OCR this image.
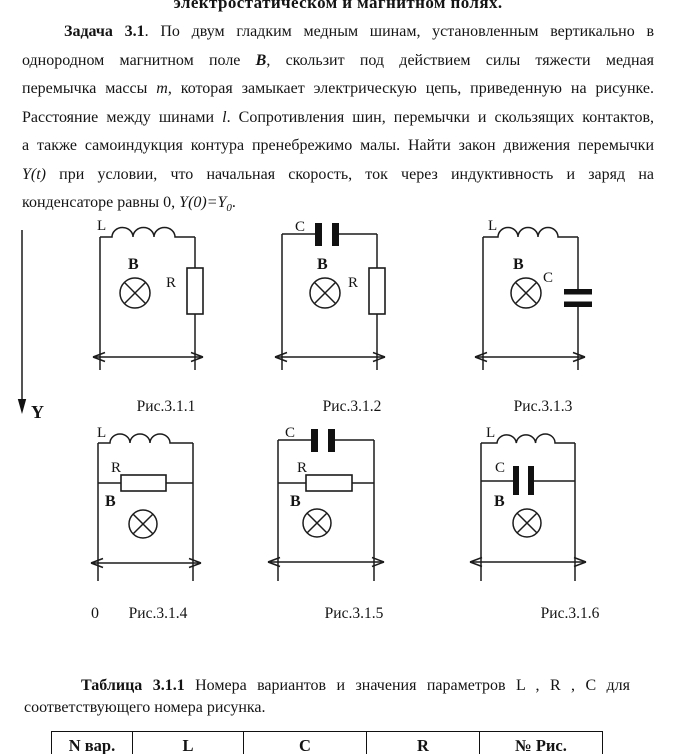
электростатическом и магнитном полях.
Задача 3.1. По двум гладким медным шинам, установленным вертикально в
однородном магнитном поле В, скользит под действием силы тяжести медная
перемычка массы m, которая замыкает электрическую цепь, приведенную на рисунке.
Расстояние между шинами l. Сопротивления шин, перемычки и скользящих контактов,
а также самоиндукция контура пренебрежимо малы. Найти закон движения перемычки
Y(t) при условии, что начальная скорость, ток через индуктивность и заряд на
конденсаторе равны 0, $Y(0)=Y_0$.
Y
L
R
B
C
R
B
L
C
B
L
R
B
C
R
B
L
C
B
Рис.3.1.1	Рис.3.1.2	Рис.3.1.3
0	Рис.3.1.4	Рис.3.1.5	Рис.3.1.6
Таблица 3.1.1 Номера вариантов и значения параметров L , R , C для
соответствующего номера рисунка.
N вар.	L	C	R	№ Рис.
